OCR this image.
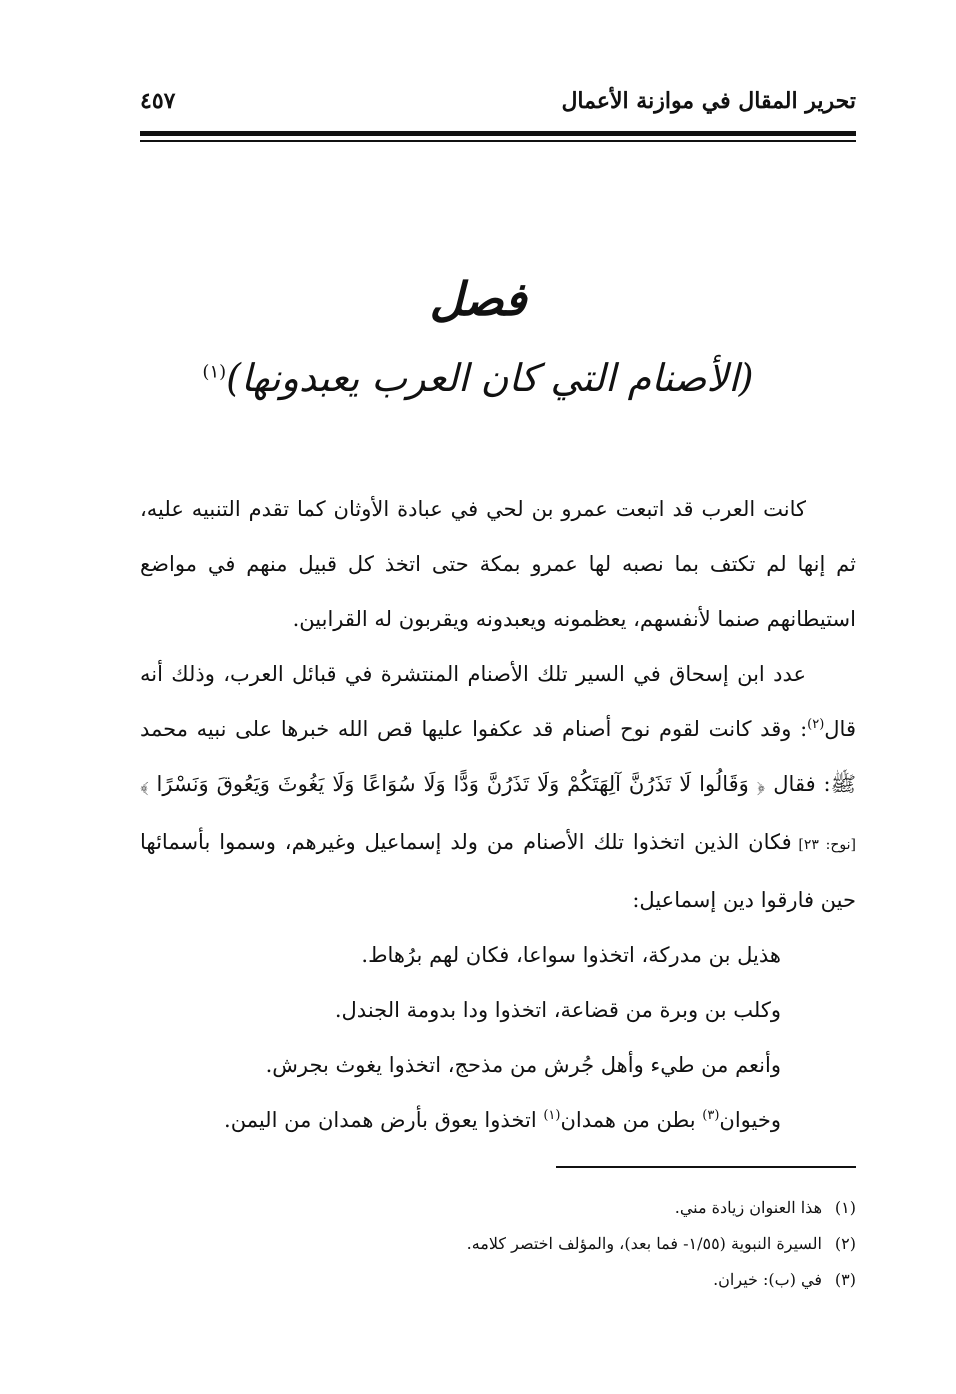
تحرير المقال في موازنة الأعمال
٤٥٧
فصل
(الأصنام التي كان العرب يعبدونها)$^{(١)}$

كانت العرب قد اتبعت عمرو بن لحي في عبادة الأوثان كما تقدم التنبيه عليه، ثم إنها لم تكتف بما نصبه لها عمرو بمكة حتى اتخذ كل قبيل منهم في مواضع استيطانهم صنما لأنفسهم، يعظمونه ويعبدونه ويقربون له القرابين.

عدد ابن إسحاق في السير تلك الأصنام المنتشرة في قبائل العرب، وذلك أنه قال$^{(٢)}$: وقد كانت لقوم نوح أصنام قد عكفوا عليها قص الله خبرها على نبيه محمد ﷺ: فقال ﴿ وَقَالُوا لَا تَذَرُنَّ آلِهَتَكُمْ وَلَا تَذَرُنَّ وَدًّا وَلَا سُوَاعًا وَلَا يَغُوثَ وَيَعُوقَ وَنَسْرًا ﴾ [نوح: ٢٣] فكان الذين اتخذوا تلك الأصنام من ولد إسماعيل وغيرهم، وسموا بأسمائها حين فارقوا دين إسماعيل:

هذيل بن مدركة، اتخذوا سواعا، فكان لهم برُهاط.

وكلب بن وبرة من قضاعة، اتخذوا ودا بدومة الجندل.

وأنعم من طيء وأهل جُرش من مذحج، اتخذوا يغوث بجرش.

وخيوان$^{(٣)}$ بطن من همدان$^{(١)}$ اتخذوا يعوق بأرض همدان من اليمن.

(١)هذا العنوان زيادة مني.

(٢)السيرة النبوية (١/٥٥- فما بعد)، والمؤلف اختصر كلامه.

(٣)في (ب): خيران.
